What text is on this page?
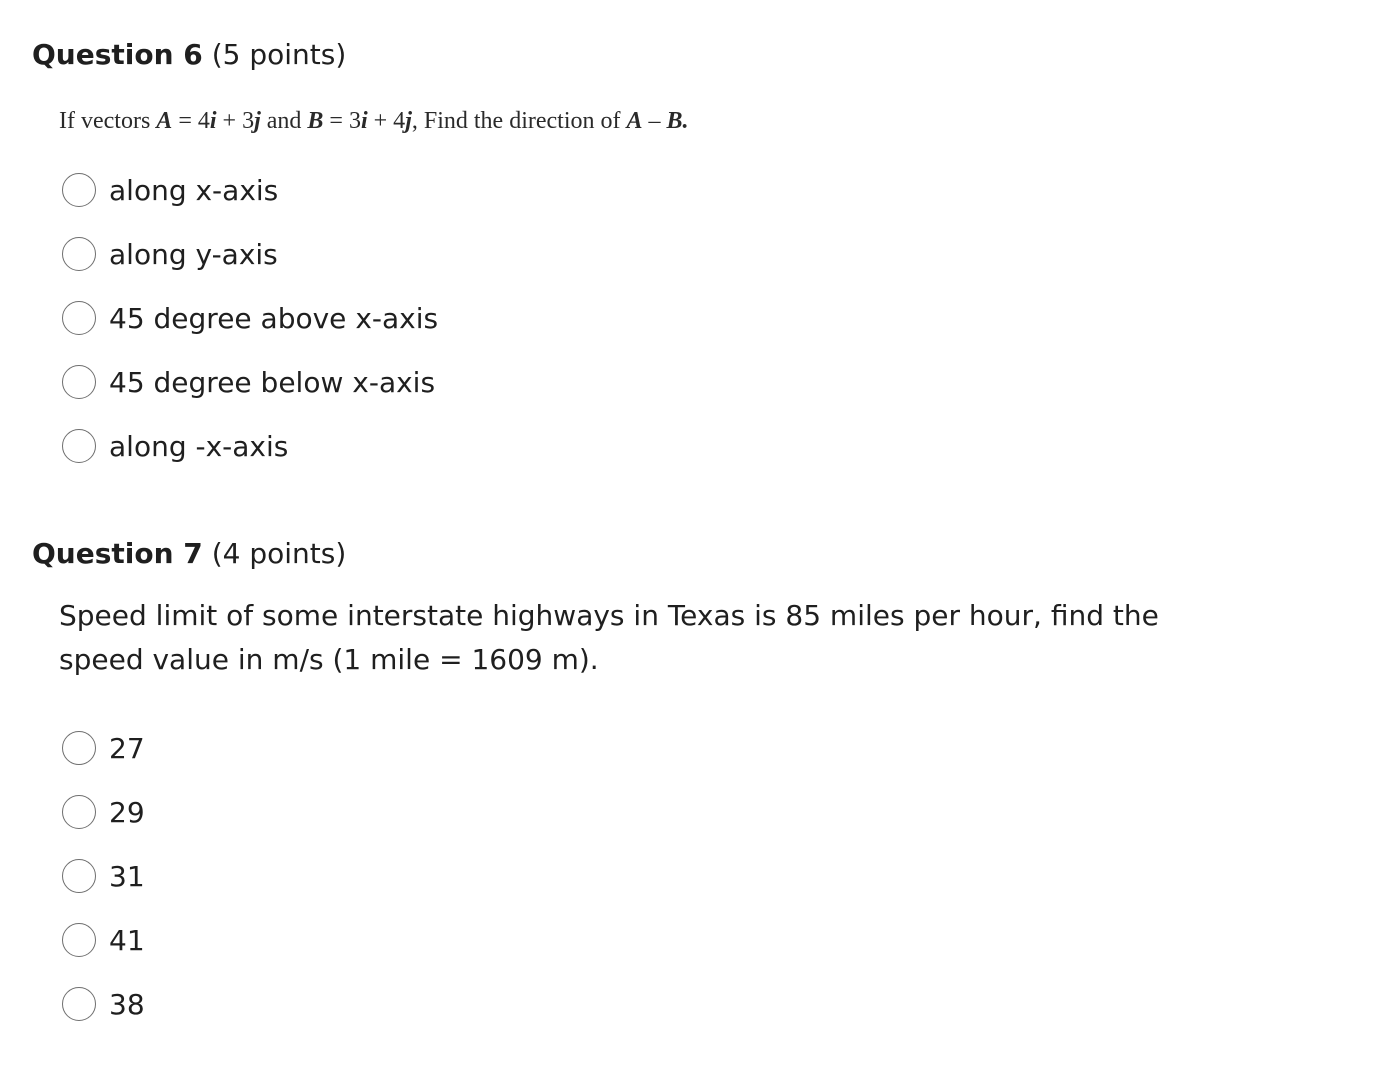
Question 6 (5 points)
If vectors A = 4i + 3j and B = 3i + 4j, Find the direction of A – B.
along x-axis
along y-axis
45 degree above x-axis
45 degree below x-axis
along -x-axis
Question 7 (4 points)
Speed limit of some interstate highways in Texas is 85 miles per hour, find the speed value in m/s (1 mile = 1609 m).
27
29
31
41
38
